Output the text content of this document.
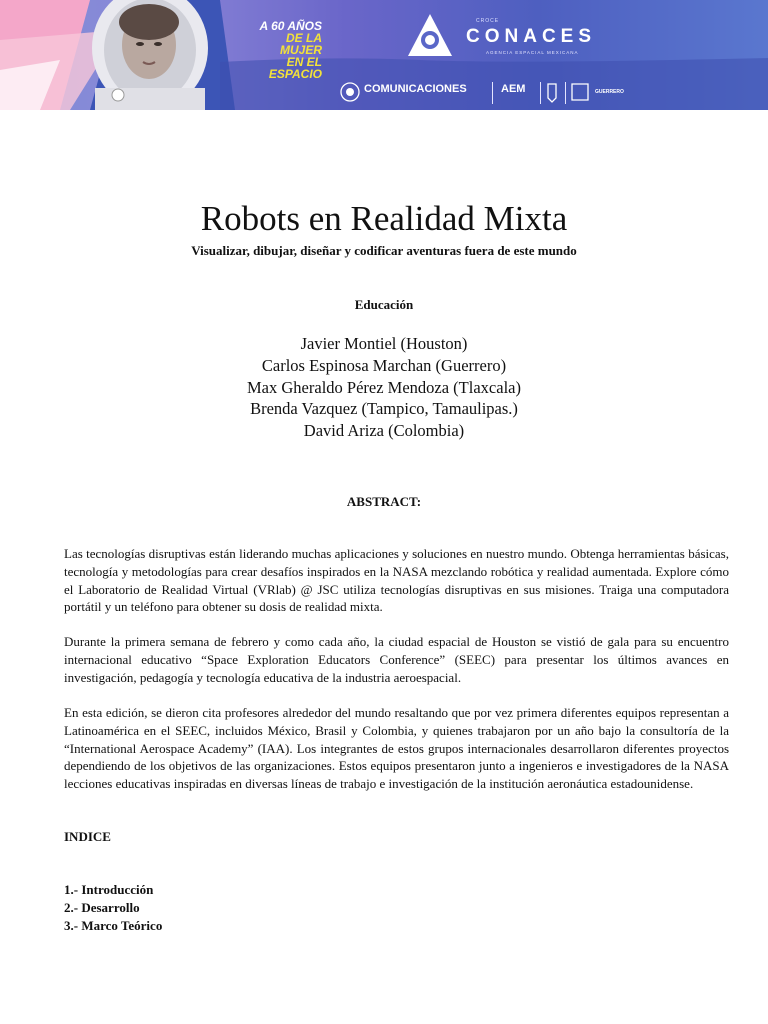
A 60 AÑOS
DE LA MUJER
EN EL ESPACIO
CROCE
CONACES
AGENCIA ESPACIAL MEXICANA
COMUNICACIONES	AEM	GUERRERO
Robots en Realidad Mixta
Visualizar, dibujar, diseñar y codificar aventuras fuera de este mundo
Educación
Javier Montiel (Houston)
Carlos Espinosa Marchan (Guerrero)
Max Gheraldo Pérez Mendoza (Tlaxcala)
Brenda Vazquez (Tampico, Tamaulipas.)
David Ariza (Colombia)
ABSTRACT:
Las tecnologías disruptivas están liderando muchas aplicaciones y soluciones en nuestro mundo. Obtenga herramientas básicas, tecnología y metodologías para crear desafíos inspirados en la NASA mezclando robótica y realidad aumentada. Explore cómo el Laboratorio de Realidad Virtual (VRlab) @ JSC utiliza tecnologías disruptivas en sus misiones. Traiga una computadora portátil y un teléfono para obtener su dosis de realidad mixta.
Durante la primera semana de febrero y como cada año, la ciudad espacial de Houston se vistió de gala para su encuentro internacional educativo “Space Exploration Educators Conference” (SEEC) para presentar los últimos avances en investigación, pedagogía y tecnología educativa de la industria aeroespacial.
En esta edición, se dieron cita profesores alrededor del mundo resaltando que por vez primera diferentes equipos representan a Latinoamérica en el SEEC, incluidos México, Brasil y Colombia, y quienes trabajaron por un año bajo la consultoría de la “International Aerospace Academy” (IAA). Los integrantes de estos grupos internacionales desarrollaron diferentes proyectos dependiendo de los objetivos de las organizaciones. Estos equipos presentaron junto a ingenieros e investigadores de la NASA lecciones educativas inspiradas en diversas líneas de trabajo e investigación de la institución aeronáutica estadounidense.
INDICE
1.- Introducción
2.- Desarrollo
3.- Marco Teórico
